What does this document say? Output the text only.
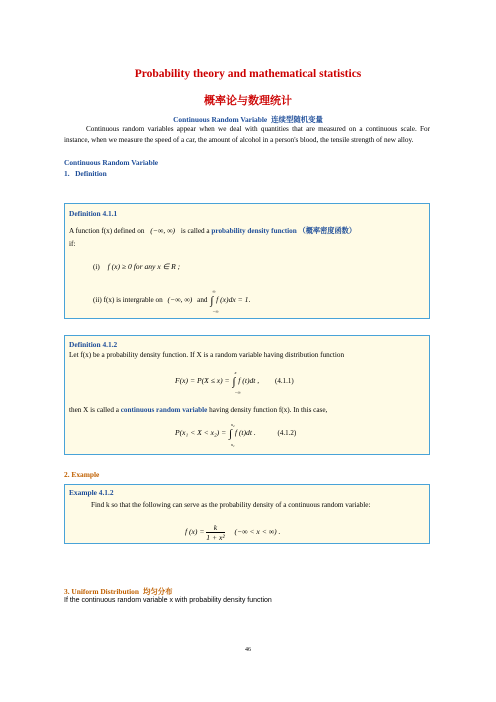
Probability theory and mathematical statistics
概率论与数理统计
Continuous Random Variable 连续型随机变量
Continuous random variables appear when we deal with quantities that are measured on a continuous scale. For instance, when we measure the speed of a car, the amount of alcohol in a person's blood, the tensile strength of new alloy.
Continuous Random Variable
1.   Definition
Definition 4.1.1
A function f(x) defined on (−∞, ∞) is called a probability density function （概率密度函数）
if:
(i) f (x) ≥ 0 for any x ∈ R ;
(ii) f(x) is intergrable on (−∞, ∞) and ∫
∞
−∞
f (x)dx = 1.
Definition 4.1.2
Let f(x) be a probability density function. If X is a random variable having distribution function
F(x) = P(X ≤ x) = ∫
x
−∞
f (t)dt , (4.1.1)
then X is called a continuous random variable having density function f(x). In this case,
P(x₁ < X < x₂) = ∫
x₂
x₁
f (t)dt .	(4.1.2)
2. Example
Example 4.1.2
Find k so that the following can serve as the probability density of a continuous random variable:
f $(x) = \frac{k}{\text{1 + x²}}$ (−∞ < x < ∞) .
3. Uniform Distribution 均匀分布
If the continuous random variable x with probability density function
46
